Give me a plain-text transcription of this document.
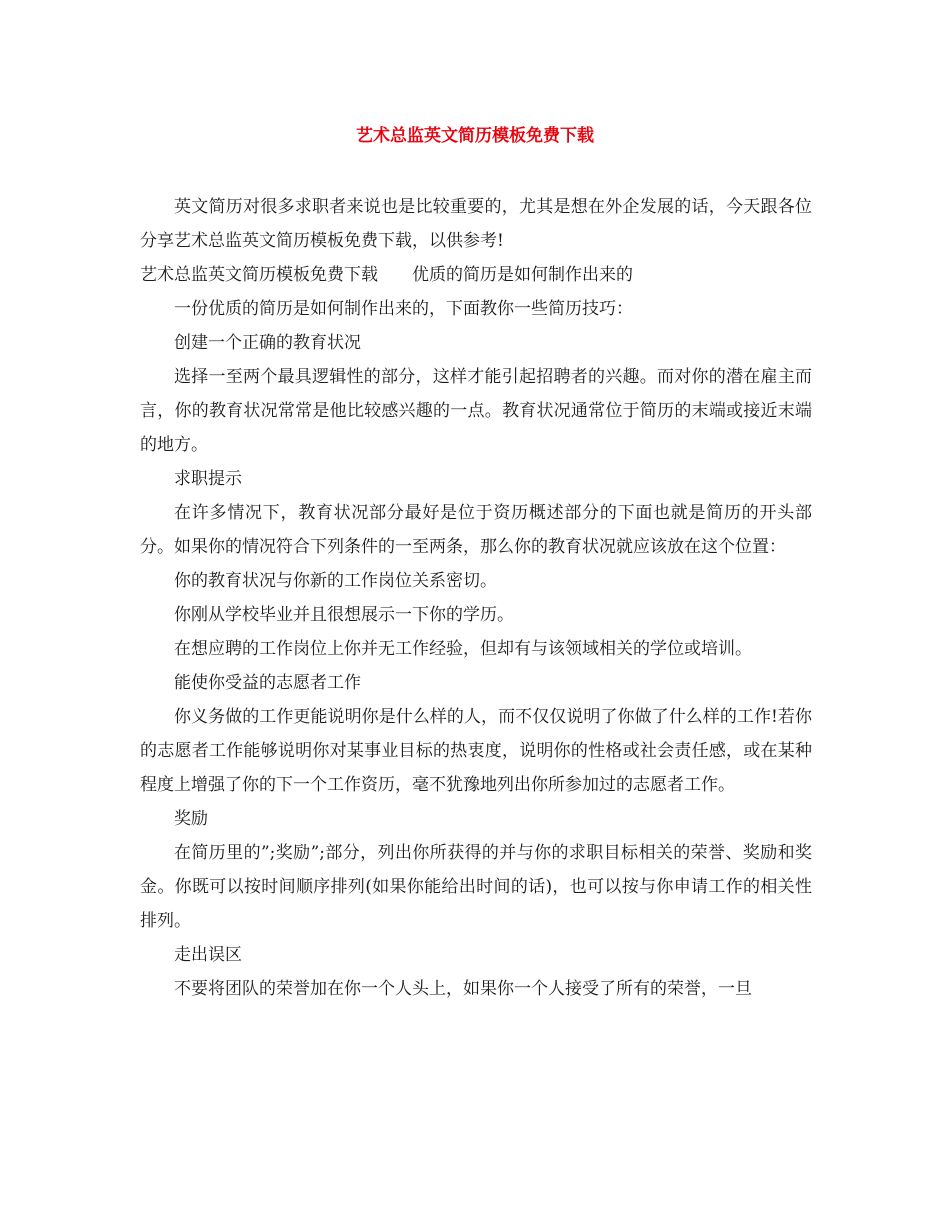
艺术总监英文简历模板免费下载

英文简历对很多求职者来说也是比较重要的，尤其是想在外企发展的话，今天跟各位分享艺术总监英文简历模板免费下载，以供参考!

艺术总监英文简历模板免费下载 优质的简历是如何制作出来的

一份优质的简历是如何制作出来的，下面教你一些简历技巧：

创建一个正确的教育状况

选择一至两个最具逻辑性的部分，这样才能引起招聘者的兴趣。而对你的潜在雇主而言，你的教育状况常常是他比较感兴趣的一点。教育状况通常位于简历的末端或接近末端的地方。

求职提示

在许多情况下，教育状况部分最好是位于资历概述部分的下面也就是简历的开头部分。如果你的情况符合下列条件的一至两条，那么你的教育状况就应该放在这个位置：

你的教育状况与你新的工作岗位关系密切。

你刚从学校毕业并且很想展示一下你的学历。

在想应聘的工作岗位上你并无工作经验，但却有与该领域相关的学位或培训。

能使你受益的志愿者工作

你义务做的工作更能说明你是什么样的人，而不仅仅说明了你做了什么样的工作!若你的志愿者工作能够说明你对某事业目标的热衷度，说明你的性格或社会责任感，或在某种程度上增强了你的下一个工作资历，毫不犹豫地列出你所参加过的志愿者工作。

奖励

在简历里的”;奖励”;部分，列出你所获得的并与你的求职目标相关的荣誉、奖励和奖金。你既可以按时间顺序排列(如果你能给出时间的话)，也可以按与你申请工作的相关性排列。

走出误区

不要将团队的荣誉加在你一个人头上，如果你一个人接受了所有的荣誉，一旦
